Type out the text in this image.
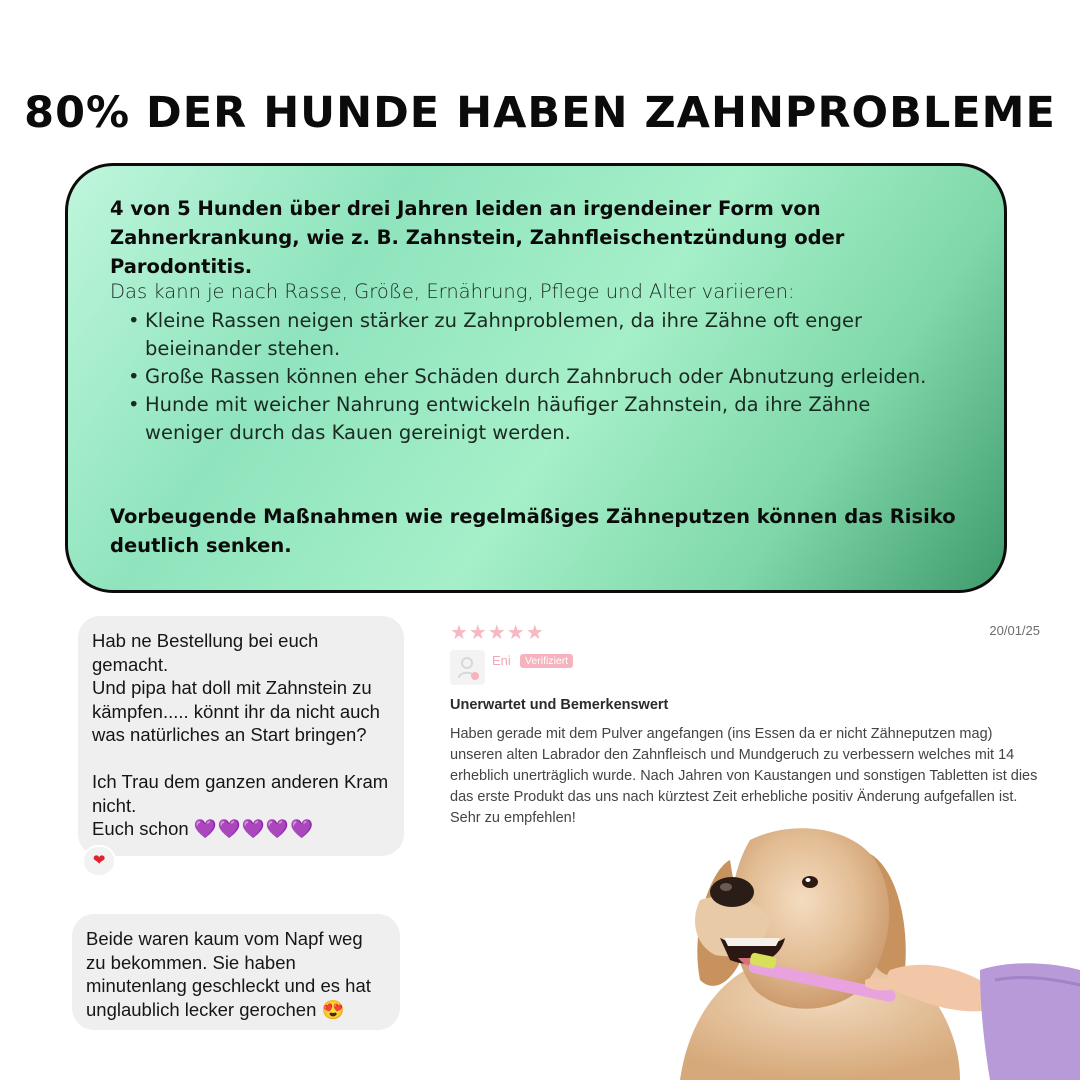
80% DER HUNDE HABEN ZAHNPROBLEME

4 von 5 Hunden über drei Jahren leiden an irgendeiner Form von Zahnerkrankung, wie z. B. Zahnstein, Zahnfleischentzündung oder Parodontitis.

Das kann je nach Rasse, Größe, Ernährung, Pflege und Alter variieren:

• Kleine Rassen neigen stärker zu Zahnproblemen, da ihre Zähne oft enger beieinander stehen.
• Große Rassen können eher Schäden durch Zahnbruch oder Abnutzung erleiden.
• Hunde mit weicher Nahrung entwickeln häufiger Zahnstein, da ihre Zähne weniger durch das Kauen gereinigt werden.

Vorbeugende Maßnahmen wie regelmäßiges Zähneputzen können das Risiko deutlich senken.

Hab ne Bestellung bei euch
gemacht.
Und pipa hat doll mit Zahnstein zu
kämpfen..... könnt ihr da nicht auch
was natürliches an Start bringen?

Ich Trau dem ganzen anderen Kram
nicht.
Euch schon 💜💜💜💜💜

❤

Beide waren kaum vom Napf weg
zu bekommen. Sie haben
minutenlang geschleckt und es hat
unglaublich lecker gerochen 😍

★★★★★	20/01/25
Eni	Verifiziert
Unerwartet und Bemerkenswert

Haben gerade mit dem Pulver angefangen (ins Essen da er nicht Zähneputzen mag) unseren alten Labrador den Zahnfleisch und Mundgeruch zu verbessern welches mit 14 erheblich unerträglich wurde. Nach Jahren von Kaustangen und sonstigen Tabletten ist dies das erste Produkt das uns nach kürztest Zeit erhebliche positiv Änderung aufgefallen ist. Sehr zu empfehlen!
